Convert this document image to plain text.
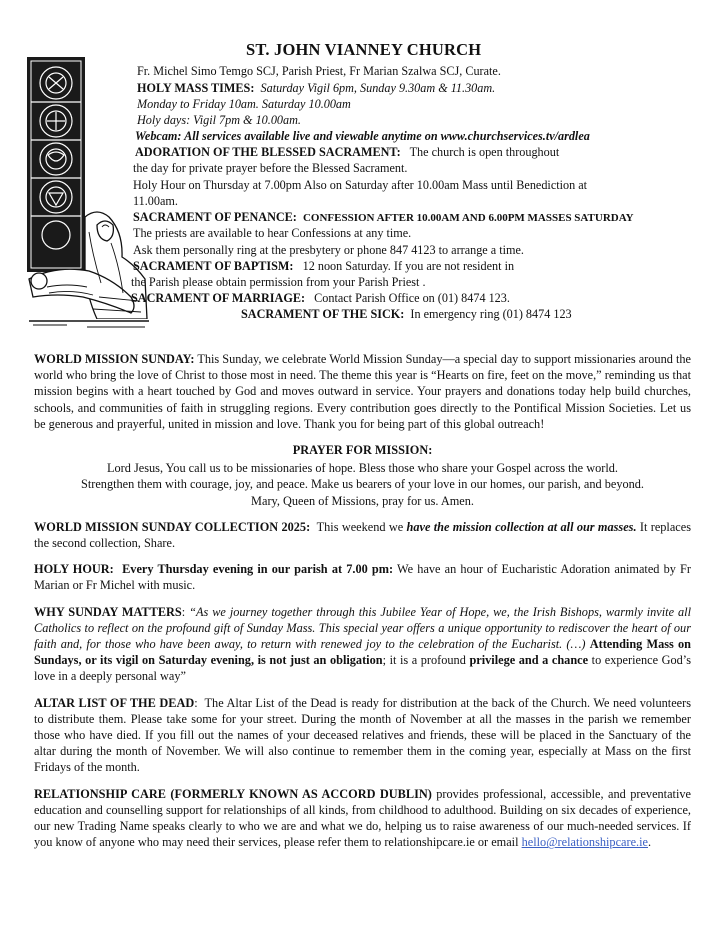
ST. JOHN VIANNEY CHURCH
Fr. Michel Simo Temgo SCJ, Parish Priest, Fr Marian Szalwa SCJ, Curate.
HOLY MASS TIMES: Saturday Vigil 6pm, Sunday 9.30am & 11.30am.
Monday to Friday 10am. Saturday 10.00am
Holy days: Vigil 7pm & 10.00am.
Webcam: All services available live and viewable anytime on www.churchservices.tv/ardlea
ADORATION OF THE BLESSED SACRAMENT: The church is open throughout
the day for private prayer before the Blessed Sacrament.
Holy Hour on Thursday at 7.00pm Also on Saturday after 10.00am Mass until Benediction at
11.00am.
SACRAMENT OF PENANCE: CONFESSION AFTER 10.00AM AND 6.00PM MASSES SATURDAY
The priests are available to hear Confessions at any time.
Ask them personally ring at the presbytery or phone 847 4123 to arrange a time.
SACRAMENT OF BAPTISM: 12 noon Saturday. If you are not resident in
the Parish please obtain permission from your Parish Priest .
SACRAMENT OF MARRIAGE: Contact Parish Office on (01) 8474 123.
SACRAMENT OF THE SICK: In emergency ring (01) 8474 123

WORLD MISSION SUNDAY: This Sunday, we celebrate World Mission Sunday—a special day to support missionaries around the world who bring the love of Christ to those most in need. The theme this year is “Hearts on fire, feet on the move,” reminding us that mission begins with a heart touched by God and moves outward in service. Your prayers and donations today help build churches, schools, and communities of faith in struggling regions. Every contribution goes directly to the Pontifical Mission Societies. Let us be generous and prayerful, united in mission and love. Thank you for being part of this global outreach!

PRAYER FOR MISSION:
Lord Jesus, You call us to be missionaries of hope. Bless those who share your Gospel across the world.
Strengthen them with courage, joy, and peace. Make us bearers of your love in our homes, our parish, and beyond.
Mary, Queen of Missions, pray for us. Amen.

WORLD MISSION SUNDAY COLLECTION 2025: This weekend we have the mission collection at all our masses. It replaces the second collection, Share.

HOLY HOUR: Every Thursday evening in our parish at 7.00 pm: We have an hour of Eucharistic Adoration animated by Fr Marian or Fr Michel with music.

WHY SUNDAY MATTERS: “As we journey together through this Jubilee Year of Hope, we, the Irish Bishops, warmly invite all Catholics to reflect on the profound gift of Sunday Mass. This special year offers a unique opportunity to rediscover the heart of our faith and, for those who have been away, to return with renewed joy to the celebration of the Eucharist. (…) Attending Mass on Sundays, or its vigil on Saturday evening, is not just an obligation; it is a profound privilege and a chance to experience God’s love in a deeply personal way”

ALTAR LIST OF THE DEAD:  The Altar List of the Dead is ready for distribution at the back of the Church. We need volunteers to distribute them. Please take some for your street. During the month of November at all the masses in the parish we remember those who have died. If you fill out the names of your deceased relatives and friends, these will be placed in the Sanctuary of the altar during the month of November. We will also continue to remember them in the coming year, especially at Mass on the first Fridays of the month.

RELATIONSHIP CARE (FORMERLY KNOWN AS ACCORD DUBLIN) provides professional, accessible, and preventative education and counselling support for relationships of all kinds, from childhood to adulthood. Building on six decades of experience, our new Trading Name speaks clearly to who we are and what we do, helping us to raise awareness of our much-needed services. If you know of anyone who may need their services, please refer them to relationshipcare.ie or email hello@relationshipcare.ie.
